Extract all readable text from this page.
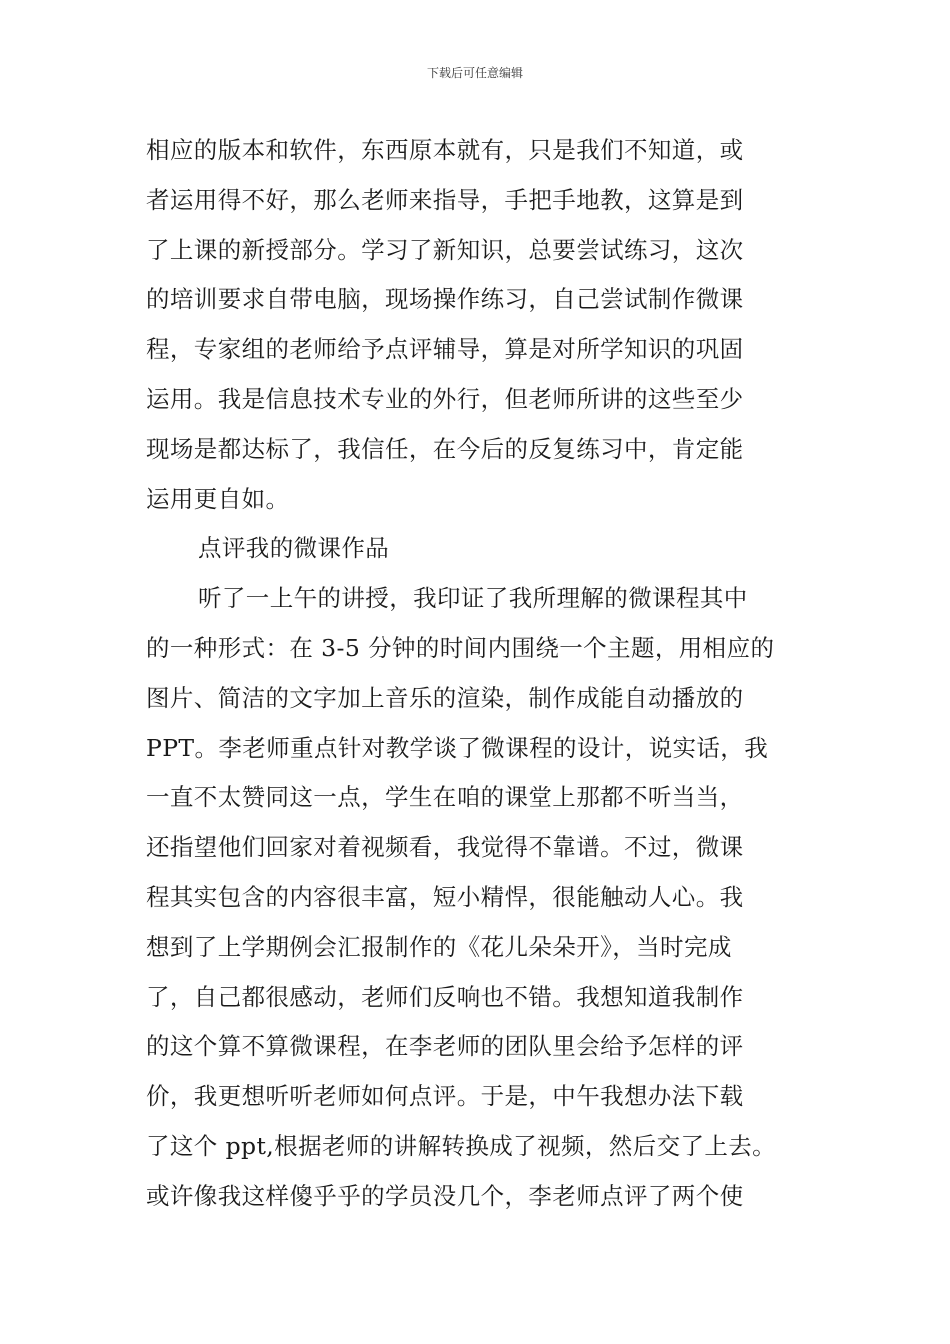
下载后可任意编辑
相应的版本和软件，东西原本就有，只是我们不知道，或
者运用得不好，那么老师来指导，手把手地教，这算是到
了上课的新授部分。学习了新知识，总要尝试练习，这次
的培训要求自带电脑，现场操作练习，自己尝试制作微课
程，专家组的老师给予点评辅导，算是对所学知识的巩固
运用。我是信息技术专业的外行，但老师所讲的这些至少
现场是都达标了，我信任，在今后的反复练习中，肯定能
运用更自如。
点评我的微课作品
听了一上午的讲授，我印证了我所理解的微课程其中
的一种形式：在 3-5 分钟的时间内围绕一个主题，用相应的
图片、简洁的文字加上音乐的渲染，制作成能自动播放的
PPT。李老师重点针对教学谈了微课程的设计，说实话，我
一直不太赞同这一点，学生在咱的课堂上那都不听当当，
还指望他们回家对着视频看，我觉得不靠谱。不过，微课
程其实包含的内容很丰富，短小精悍，很能触动人心。我
想到了上学期例会汇报制作的《花儿朵朵开》，当时完成
了，自己都很感动，老师们反响也不错。我想知道我制作
的这个算不算微课程，在李老师的团队里会给予怎样的评
价，我更想听听老师如何点评。于是，中午我想办法下载
了这个 ppt,根据老师的讲解转换成了视频，然后交了上去。
或许像我这样傻乎乎的学员没几个，李老师点评了两个使
